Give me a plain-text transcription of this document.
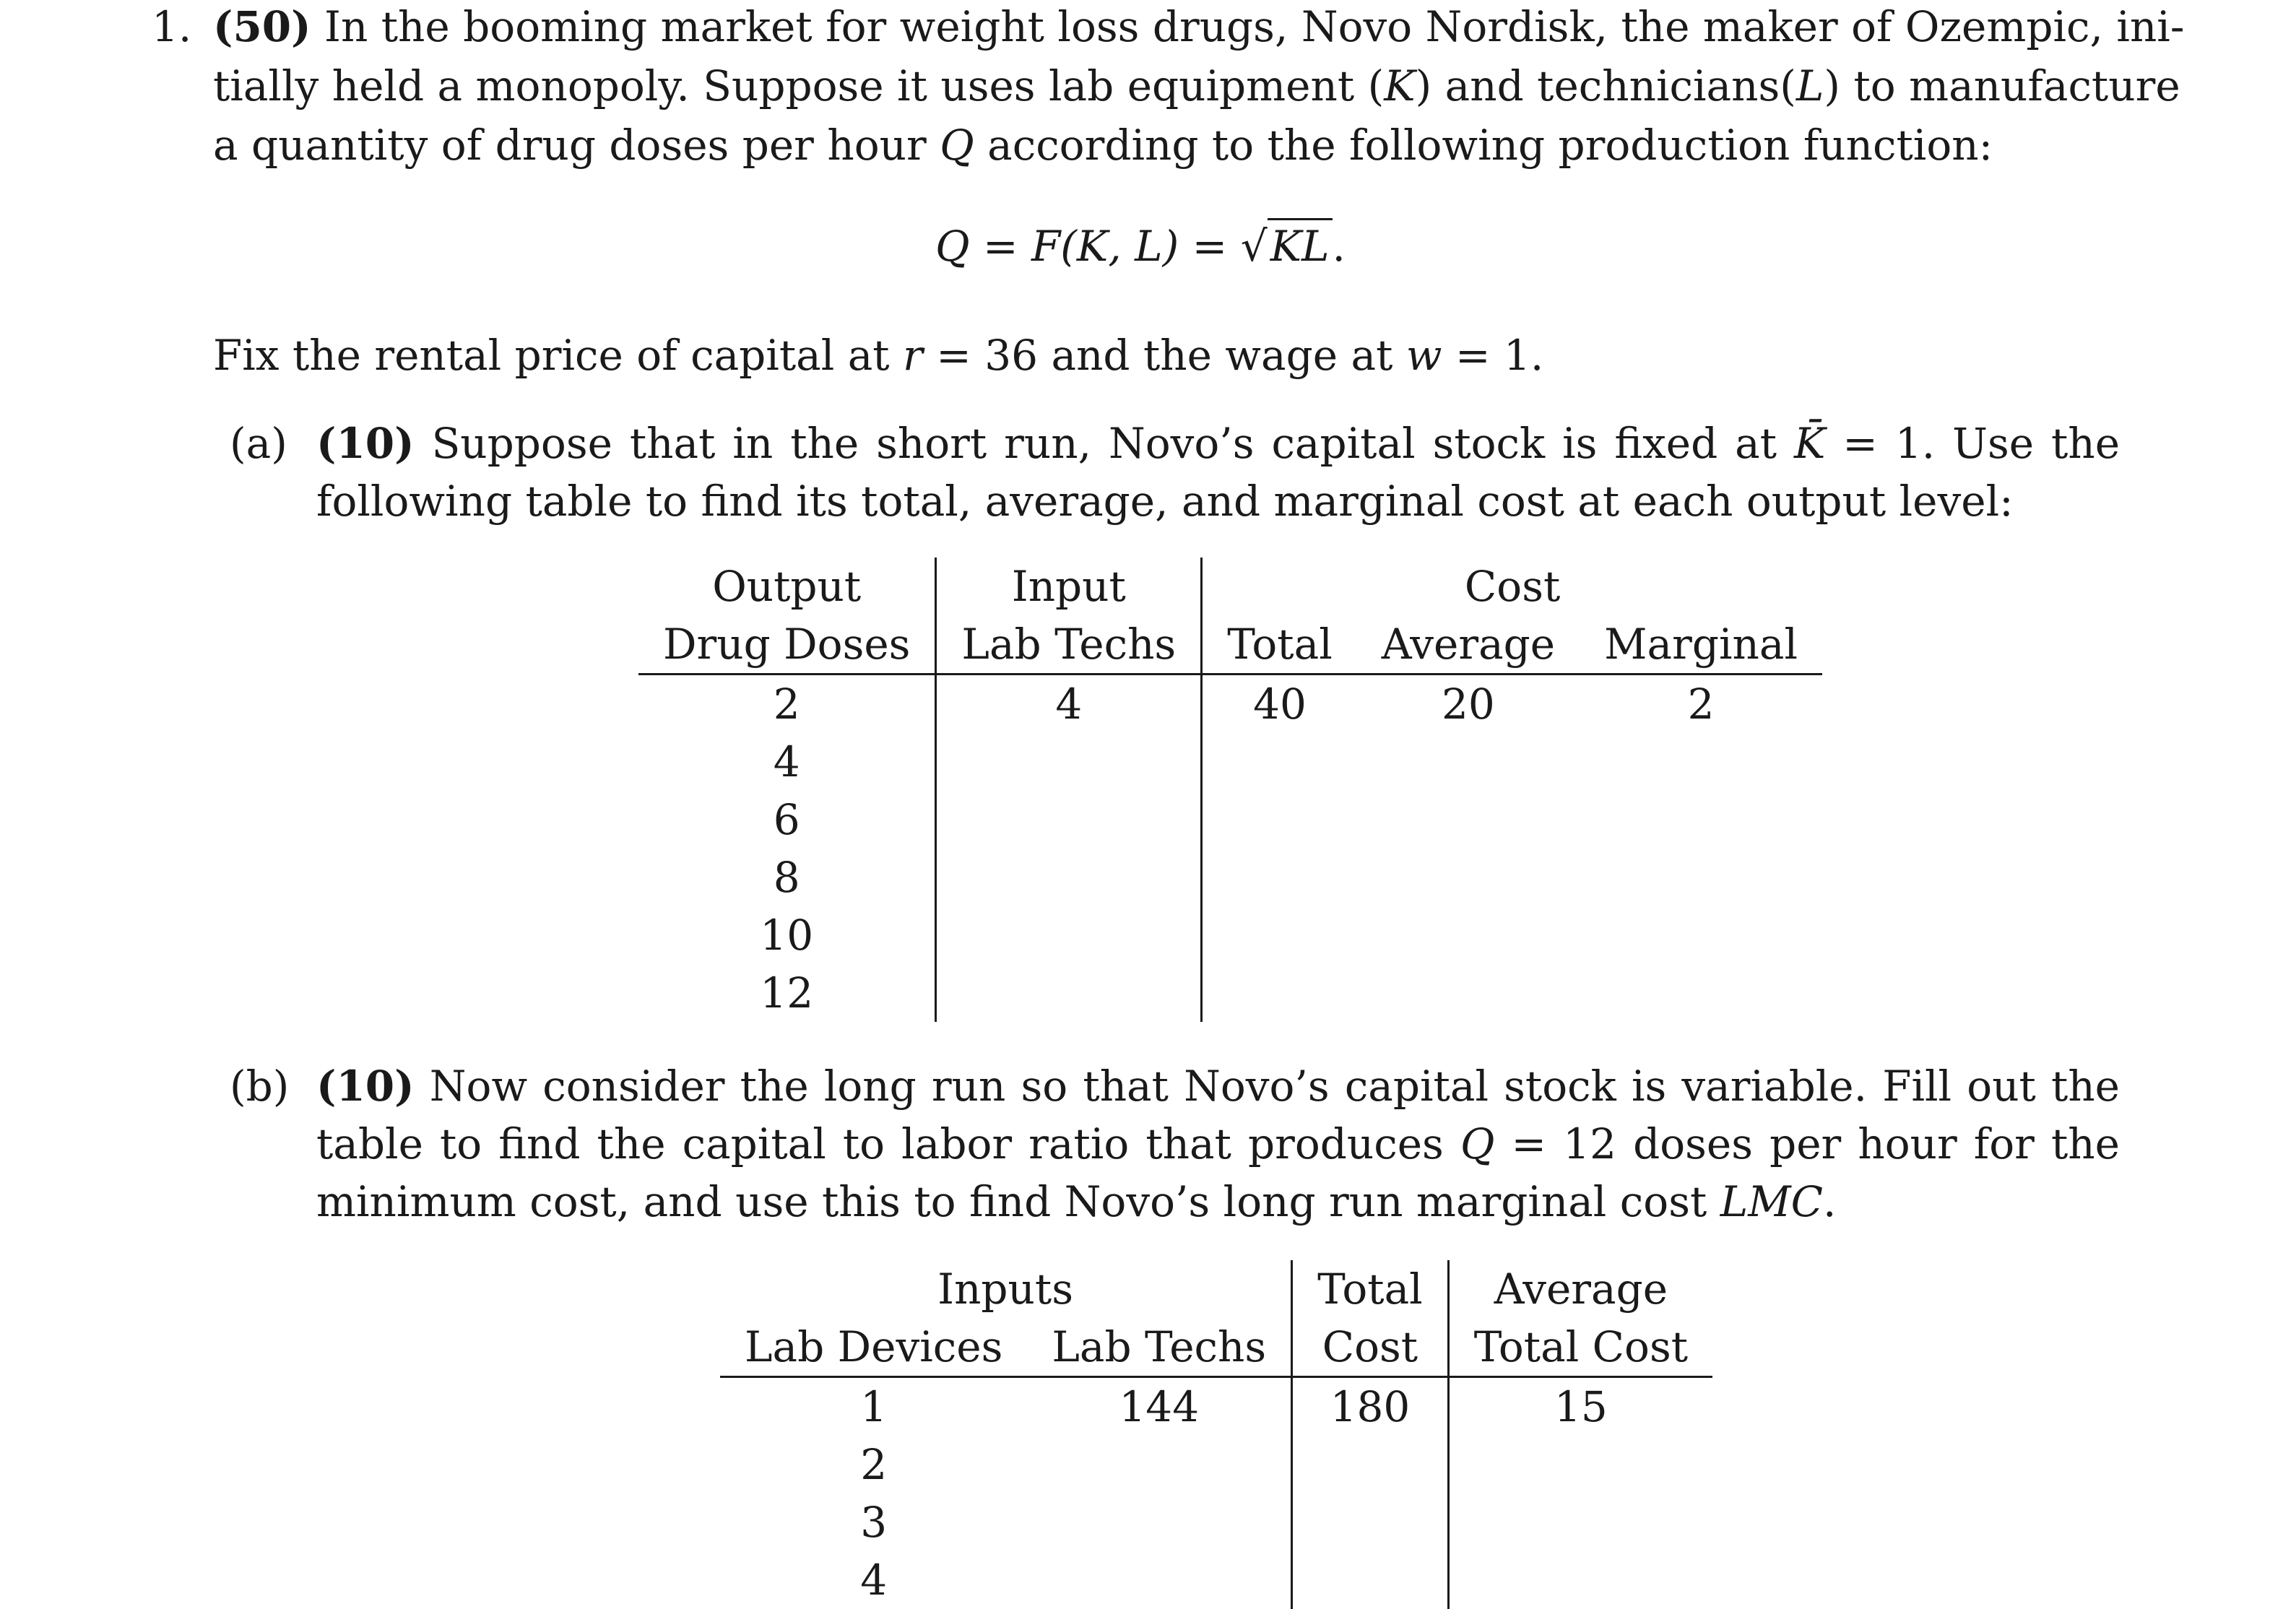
1. (50) In the booming market for weight loss drugs, Novo Nordisk, the maker of Ozempic, ini-
tially held a monopoly. Suppose it uses lab equipment (K) and technicians(L) to manufacture
a quantity of drug doses per hour Q according to the following production function:
Q = F(K, L) = √KL.
Fix the rental price of capital at r = 36 and the wage at w = 1.
(a) (10) Suppose that in the short run, Novo’s capital stock is fixed at K̄ = 1. Use the
following table to find its total, average, and marginal cost at each output level:
Output	Input	Cost		
Drug Doses	Lab Techs	Total	Average	Marginal
2	4	40	20	2
4				
6				
8				
10				
12				
(b) (10) Now consider the long run so that Novo’s capital stock is variable. Fill out the
table to find the capital to labor ratio that produces Q = 12 doses per hour for the
minimum cost, and use this to find Novo’s long run marginal cost LMC.
Inputs		Total	Average
Lab Devices	Lab Techs	Cost	Total Cost
1	144	180	15
2			
3			
4			
